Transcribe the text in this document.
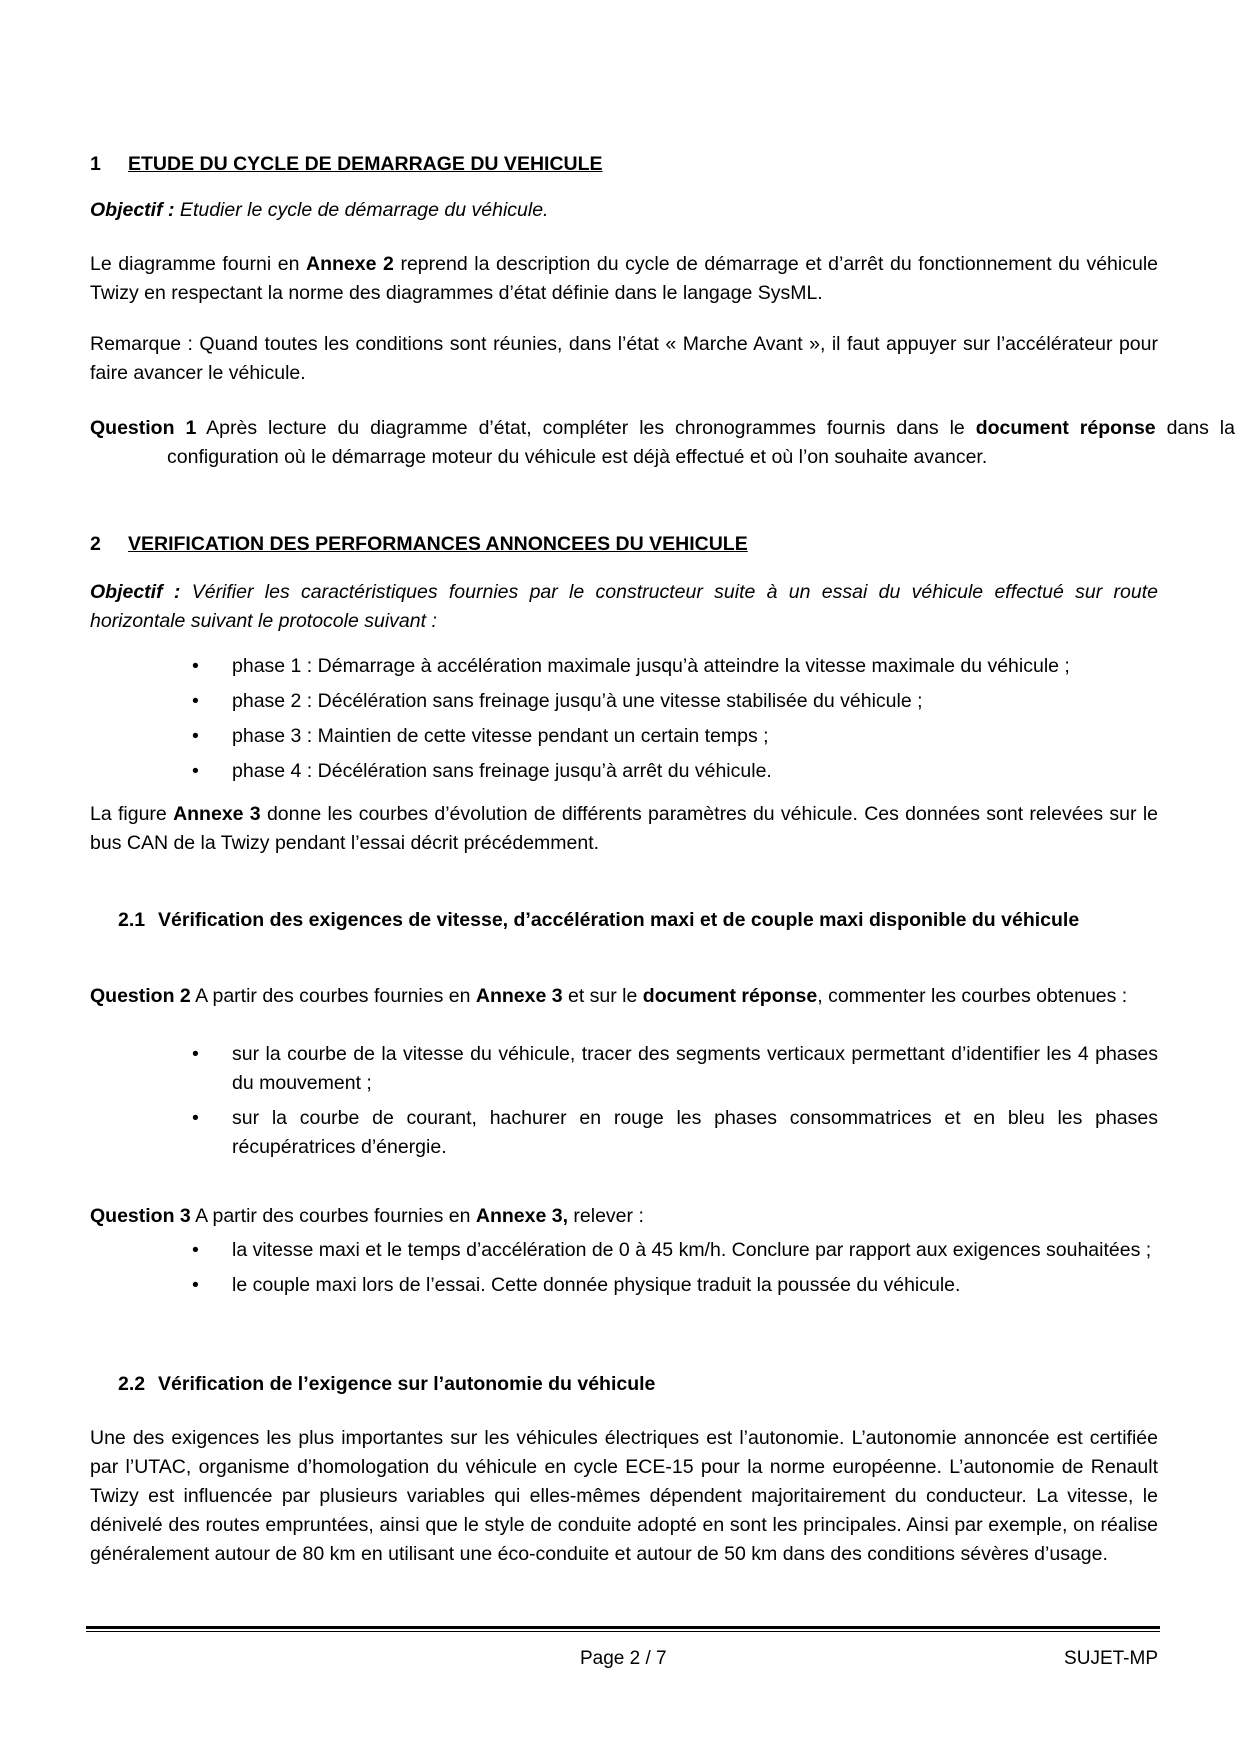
1 ETUDE DU CYCLE DE DEMARRAGE DU VEHICULE
Objectif : Etudier le cycle de démarrage du véhicule.
Le diagramme fourni en Annexe 2 reprend la description du cycle de démarrage et d’arrêt du fonctionnement du véhicule Twizy en respectant la norme des diagrammes d’état définie dans le langage SysML.
Remarque : Quand toutes les conditions sont réunies, dans l’état « Marche Avant », il faut appuyer sur l’accélérateur pour faire avancer le véhicule.
Question 1 Après lecture du diagramme d’état, compléter les chronogrammes fournis dans le document réponse dans la configuration où le démarrage moteur du véhicule est déjà effectué et où l’on souhaite avancer.
2 VERIFICATION DES PERFORMANCES ANNONCEES DU VEHICULE
Objectif : Vérifier les caractéristiques fournies par le constructeur suite à un essai du véhicule effectué sur route horizontale suivant le protocole suivant :
• phase 1 : Démarrage à accélération maximale jusqu’à atteindre la vitesse maximale du véhicule ;
• phase 2 : Décélération sans freinage jusqu’à une vitesse stabilisée du véhicule ;
• phase 3 : Maintien de cette vitesse pendant un certain temps ;
• phase 4 : Décélération sans freinage jusqu’à arrêt du véhicule.
La figure Annexe 3 donne les courbes d’évolution de différents paramètres du véhicule. Ces données sont relevées sur le bus CAN de la Twizy pendant l’essai décrit précédemment.
2.1 Vérification des exigences de vitesse, d’accélération maxi et de couple maxi disponible du véhicule
Question 2 A partir des courbes fournies en Annexe 3 et sur le document réponse, commenter les courbes obtenues :
• sur la courbe de la vitesse du véhicule, tracer des segments verticaux permettant d’identifier les 4 phases du mouvement ;
• sur la courbe de courant, hachurer en rouge les phases consommatrices et en bleu les phases récupératrices d’énergie.
Question 3 A partir des courbes fournies en Annexe 3, relever :
• la vitesse maxi et le temps d’accélération de 0 à 45 km/h. Conclure par rapport aux exigences souhaitées ;
• le couple maxi lors de l’essai. Cette donnée physique traduit la poussée du véhicule.
2.2 Vérification de l’exigence sur l’autonomie du véhicule
Une des exigences les plus importantes sur les véhicules électriques est l’autonomie. L’autonomie annoncée est certifiée par l’UTAC, organisme d’homologation du véhicule en cycle ECE-15 pour la norme européenne. L’autonomie de Renault Twizy est influencée par plusieurs variables qui elles-mêmes dépendent majoritairement du conducteur. La vitesse, le dénivelé des routes empruntées, ainsi que le style de conduite adopté en sont les principales. Ainsi par exemple, on réalise généralement autour de 80 km en utilisant une éco-conduite et autour de 50 km dans des conditions sévères d’usage.
Page 2 / 7	SUJET-MP
